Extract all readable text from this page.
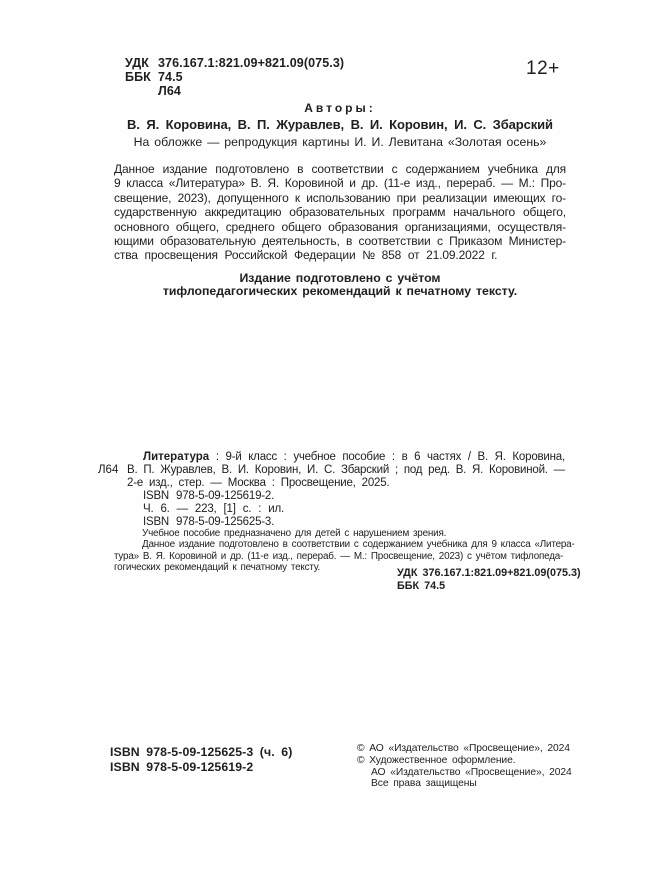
УДК 376.167.1:821.09+821.09(075.3)
ББК 74.5
Л64
12+
Авторы:
В. Я. Коровина, В. П. Журавлев, В. И. Коровин, И. С. Збарский
На обложке — репродукция картины И. И. Левитана «Золотая осень»
Данное издание подготовлено в соответствии с содержанием учебника для
9 класса «Литература» В. Я. Коровиной и др. (11-е изд., перераб. — М.: Про-
свещение, 2023), допущенного к использованию при реализации имеющих го-
сударственную аккредитацию образовательных программ начального общего,
основного общего, среднего общего образования организациями, осуществля-
ющими образовательную деятельность, в соответствии с Приказом Министер-
ства просвещения Российской Федерации № 858 от 21.09.2022 г.
Издание подготовлено с учётом
тифлопедагогических рекомендаций к печатному тексту.
Литература : 9-й класс : учебное пособие : в 6 частях / В. Я. Коровина,
Л64 В. П. Журавлев, В. И. Коровин, И. С. Збарский ; под ред. В. Я. Коровиной. —
2-е изд., стер. — Москва : Просвещение, 2025.
ISBN 978-5-09-125619-2.
Ч. 6. — 223, [1] с. : ил.
ISBN 978-5-09-125625-3.
Учебное пособие предназначено для детей с нарушением зрения.
Данное издание подготовлено в соответствии с содержанием учебника для 9 класса «Литера-
тура» В. Я. Коровиной и др. (11-е изд., перераб. — М.: Просвещение, 2023) с учётом тифлопеда-
гогических рекомендаций к печатному тексту.	УДК 376.167.1:821.09+821.09(075.3)
ББК 74.5
ISBN 978-5-09-125625-3 (ч. 6)
ISBN 978-5-09-125619-2
© АО «Издательство «Просвещение», 2024
© Художественное оформление.
АО «Издательство «Просвещение», 2024
Все права защищены
